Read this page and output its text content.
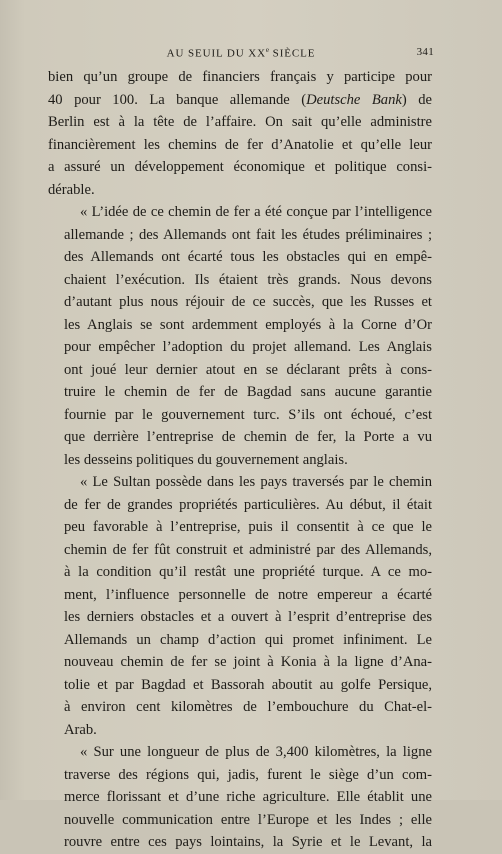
AU SEUIL DU XXe SIÈCLE	341

bien qu’un groupe de financiers français y participe pour
40 pour 100. La banque allemande (Deutsche Bank) de
Berlin est à la tête de l’affaire. On sait qu’elle administre
financièrement les chemins de fer d’Anatolie et qu’elle leur
a assuré un développement économique et politique consi-
dérable.

« L’idée de ce chemin de fer a été conçue par l’intelligence
allemande ; des Allemands ont fait les études préliminaires ;
des Allemands ont écarté tous les obstacles qui en empê-
chaient l’exécution. Ils étaient très grands. Nous devons
d’autant plus nous réjouir de ce succès, que les Russes et
les Anglais se sont ardemment employés à la Corne d’Or
pour empêcher l’adoption du projet allemand. Les Anglais
ont joué leur dernier atout en se déclarant prêts à cons-
truire le chemin de fer de Bagdad sans aucune garantie
fournie par le gouvernement turc. S’ils ont échoué, c’est
que derrière l’entreprise de chemin de fer, la Porte a vu
les desseins politiques du gouvernement anglais.

« Le Sultan possède dans les pays traversés par le chemin
de fer de grandes propriétés particulières. Au début, il était
peu favorable à l’entreprise, puis il consentit à ce que le
chemin de fer fût construit et administré par des Allemands,
à la condition qu’il restât une propriété turque. A ce mo-
ment, l’influence personnelle de notre empereur a écarté
les derniers obstacles et a ouvert à l’esprit d’entreprise des
Allemands un champ d’action qui promet infiniment. Le
nouveau chemin de fer se joint à Konia à la ligne d’Ana-
tolie et par Bagdad et Bassorah aboutit au golfe Persique,
à environ cent kilomètres de l’embouchure du Chat-el-
Arab.

« Sur une longueur de plus de 3,400 kilomètres, la ligne
traverse des régions qui, jadis, furent le siège d’un com-
merce florissant et d’une riche agriculture. Elle établit une
nouvelle communication entre l’Europe et les Indes ; elle
rouvre entre ces pays lointains, la Syrie et le Levant, la
